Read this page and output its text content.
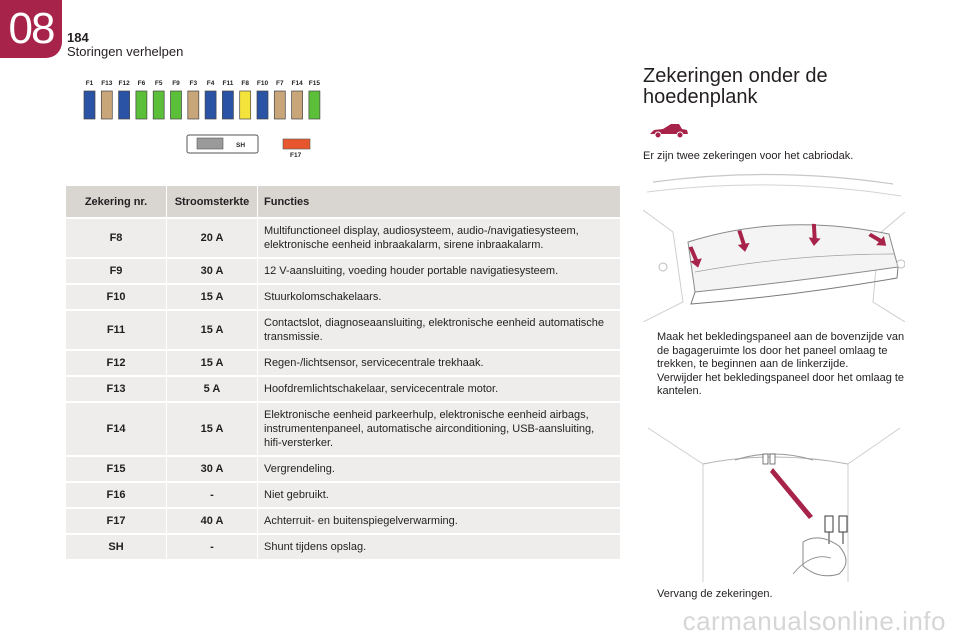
08	184
Storingen verhelpen
F1 F13 F12 F6 F5 F9 F3 F4 F11 F8 F10 F7 F14 F15
SH
F17
Zekering nr.	Stroomsterkte	Functies
F8	20 A	Multifunctioneel display, audiosysteem, audio-/navigatiesysteem, elektronische eenheid inbraakalarm, sirene inbraakalarm.
F9	30 A	12 V-aansluiting, voeding houder portable navigatiesysteem.
F10	15 A	Stuurkolomschakelaars.
F11	15 A	Contactslot, diagnoseaansluiting, elektronische eenheid automatische transmissie.
F12	15 A	Regen-/lichtsensor, servicecentrale trekhaak.
F13	5 A	Hoofdremlichtschakelaar, servicecentrale motor.
F14	15 A	Elektronische eenheid parkeerhulp, elektronische eenheid airbags, instrumentenpaneel, automatische airconditioning, USB-aansluiting, hifi-versterker.
F15	30 A	Vergrendeling.
F16	-	Niet gebruikt.
F17	40 A	Achterruit- en buitenspiegelverwarming.
SH	-	Shunt tijdens opslag.
Zekeringen onder de hoedenplank
Er zijn twee zekeringen voor het cabriodak.
Maak het bekledingspaneel aan de bovenzijde van de bagageruimte los door het paneel omlaag te trekken, te beginnen aan de linkerzijde.
Verwijder het bekledingspaneel door het omlaag te kantelen.
Vervang de zekeringen.
carmanualsonline.info
